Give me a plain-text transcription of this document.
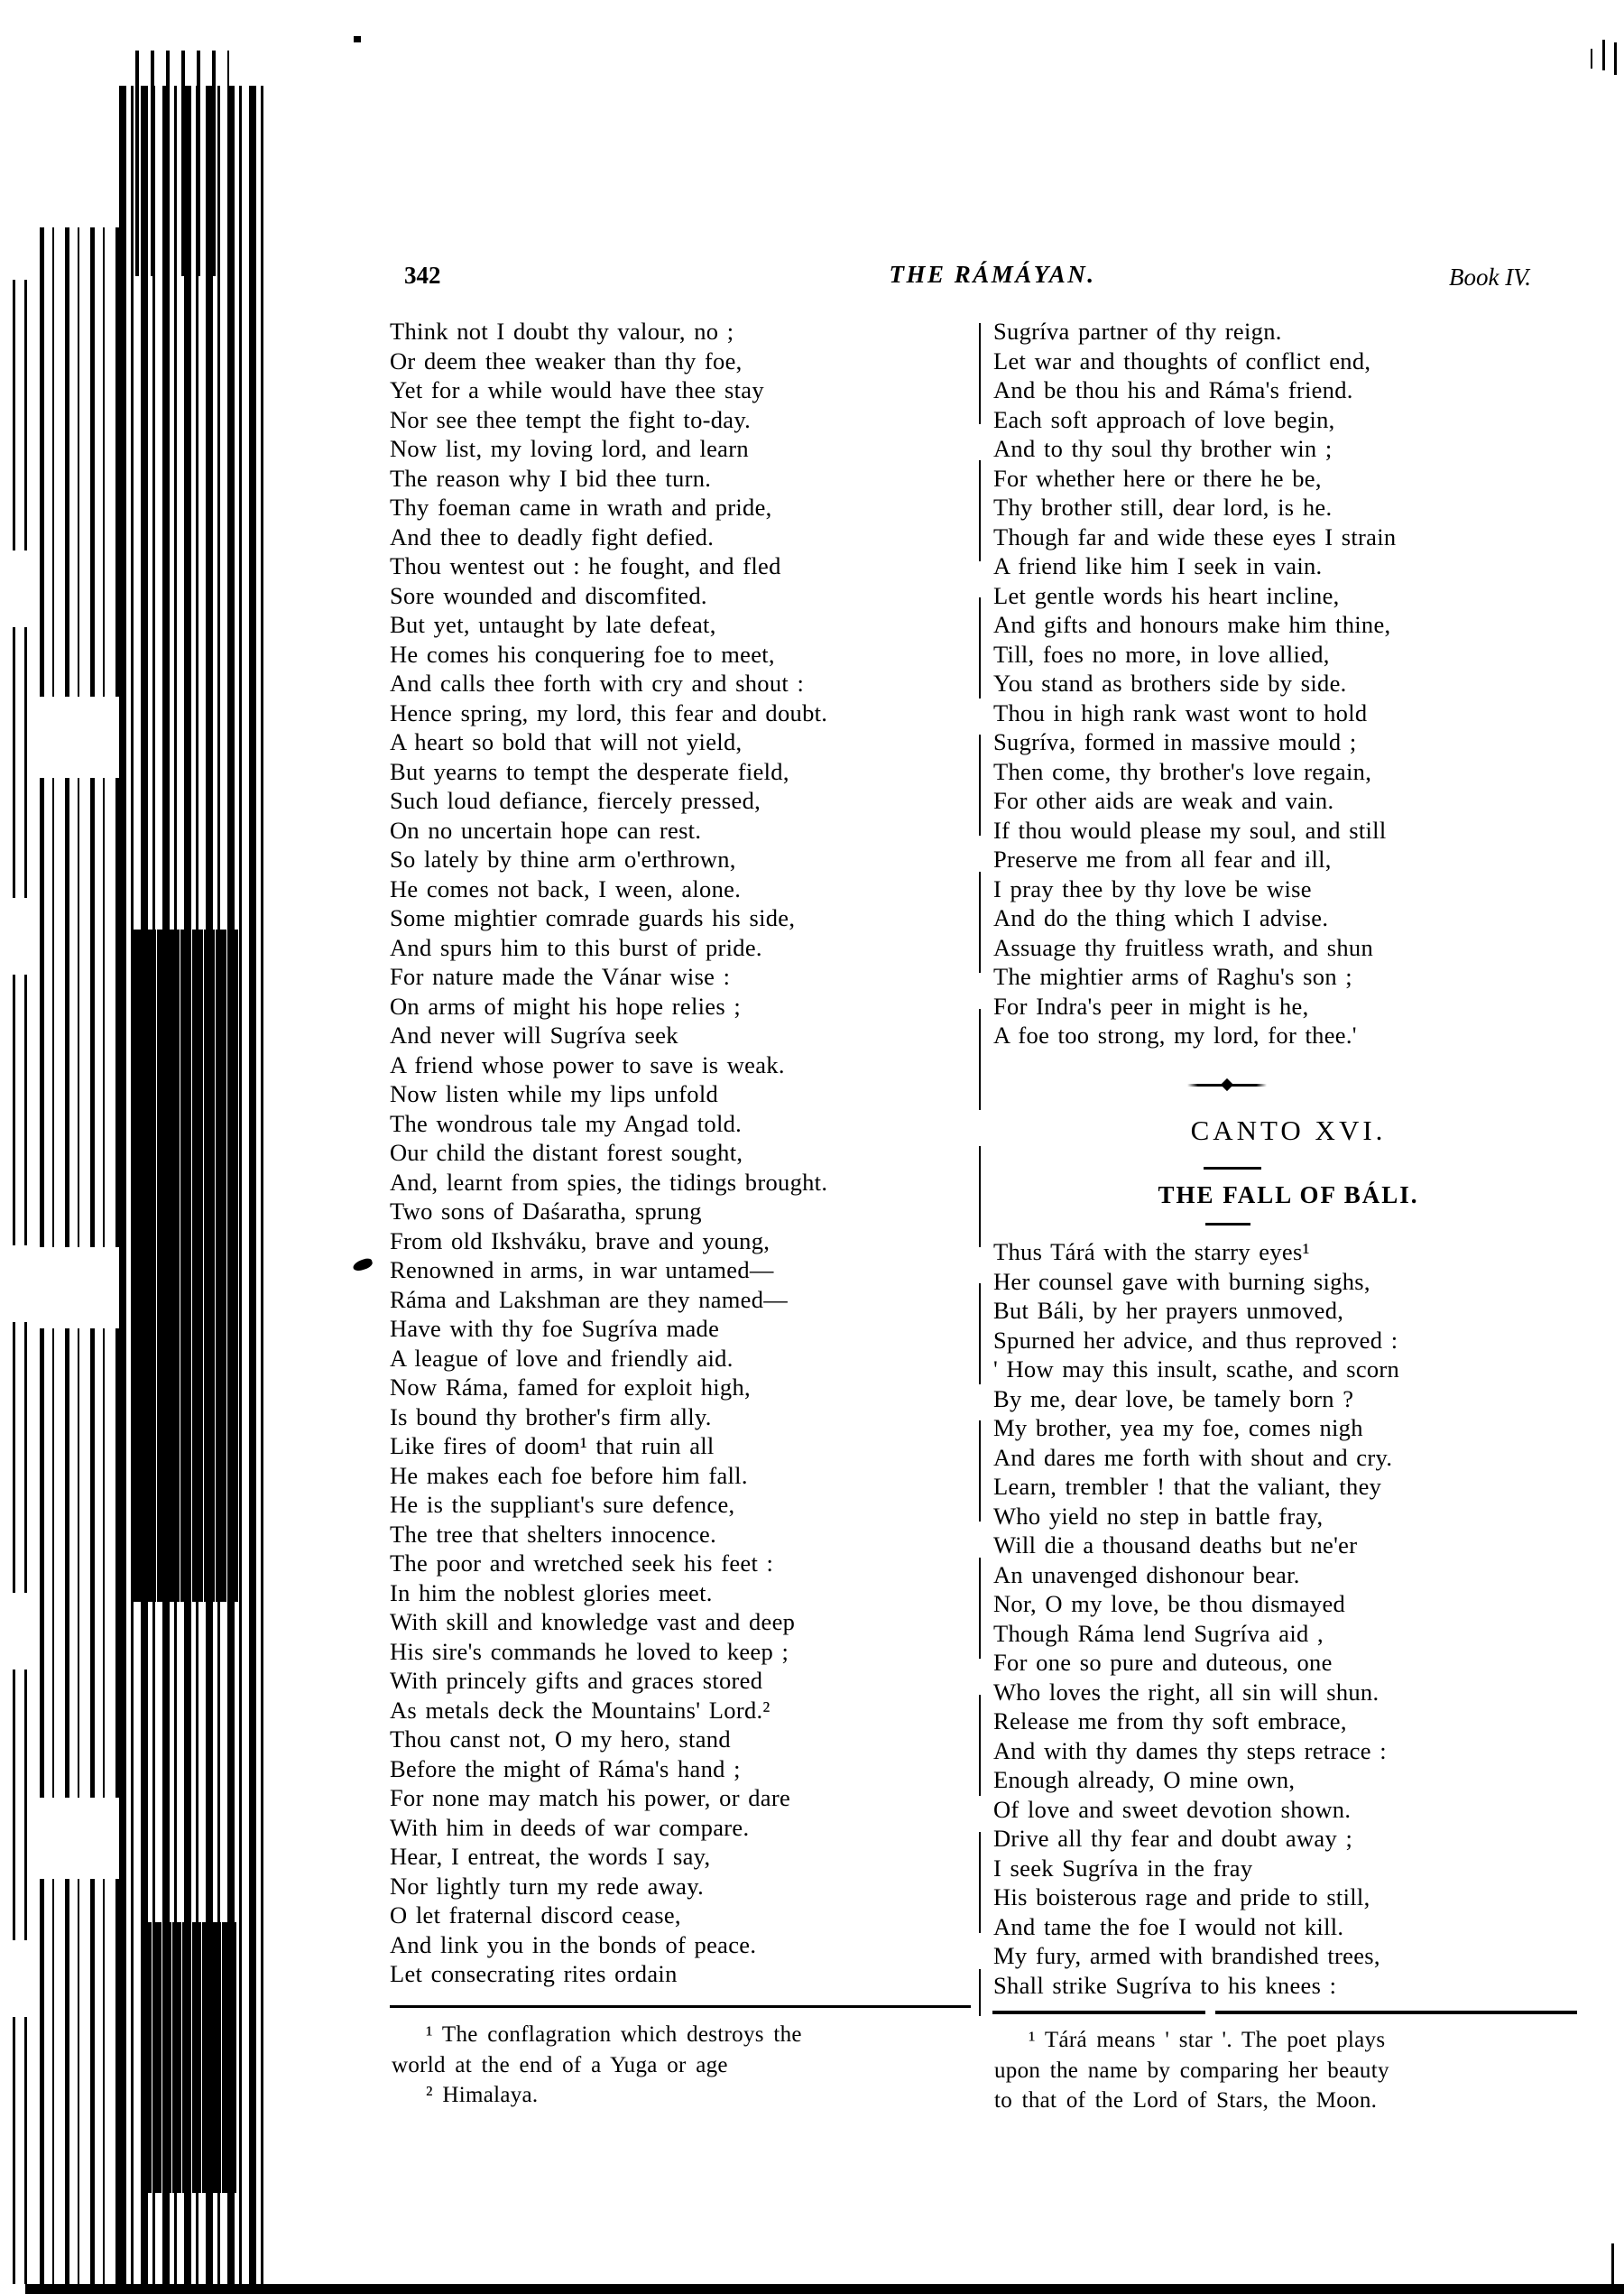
342	THE RÁMÁYAN.	Book IV.
Think not I doubt thy valour, no ;
Or deem thee weaker than thy foe,
Yet for a while would have thee stay
Nor see thee tempt the fight to-day.
Now list, my loving lord, and learn
The reason why I bid thee turn.
Thy foeman came in wrath and pride,
And thee to deadly fight defied.
Thou wentest out : he fought, and fled
Sore wounded and discomfited.
But yet, untaught by late defeat,
He comes his conquering foe to meet,
And calls thee forth with cry and shout :
Hence spring, my lord, this fear and doubt.
A heart so bold that will not yield,
But yearns to tempt the desperate field,
Such loud defiance, fiercely pressed,
On no uncertain hope can rest.
So lately by thine arm o'erthrown,
He comes not back, I ween, alone.
Some mightier comrade guards his side,
And spurs him to this burst of pride.
For nature made the Vánar wise :
On arms of might his hope relies ;
And never will Sugríva seek
A friend whose power to save is weak.
Now listen while my lips unfold
The wondrous tale my Angad told.
Our child the distant forest sought,
And, learnt from spies, the tidings brought.
Two sons of Daśaratha, sprung
From old Ikshváku, brave and young,
Renowned in arms, in war untamed—
Ráma and Lakshman are they named—
Have with thy foe Sugríva made
A league of love and friendly aid.
Now Ráma, famed for exploit high,
Is bound thy brother's firm ally.
Like fires of doom¹ that ruin all
He makes each foe before him fall.
He is the suppliant's sure defence,
The tree that shelters innocence.
The poor and wretched seek his feet :
In him the noblest glories meet.
With skill and knowledge vast and deep
His sire's commands he loved to keep ;
With princely gifts and graces stored
As metals deck the Mountains' Lord.²
Thou canst not, O my hero, stand
Before the might of Ráma's hand ;
For none may match his power, or dare
With him in deeds of war compare.
Hear, I entreat, the words I say,
Nor lightly turn my rede away.
O let fraternal discord cease,
And link you in the bonds of peace.
Let consecrating rites ordain
¹ The conflagration which destroys the
world at the end of a Yuga or age
² Himalaya.
Sugríva partner of thy reign.
Let war and thoughts of conflict end,
And be thou his and Ráma's friend.
Each soft approach of love begin,
And to thy soul thy brother win ;
For whether here or there he be,
Thy brother still, dear lord, is he.
Though far and wide these eyes I strain
A friend like him I seek in vain.
Let gentle words his heart incline,
And gifts and honours make him thine,
Till, foes no more, in love allied,
You stand as brothers side by side.
Thou in high rank wast wont to hold
Sugríva, formed in massive mould ;
Then come, thy brother's love regain,
For other aids are weak and vain.
If thou would please my soul, and still
Preserve me from all fear and ill,
I pray thee by thy love be wise
And do the thing which I advise.
Assuage thy fruitless wrath, and shun
The mightier arms of Raghu's son ;
For Indra's peer in might is he,
A foe too strong, my lord, for thee.'
CANTO XVI.
THE FALL OF BÁLI.
Thus Tárá with the starry eyes¹
Her counsel gave with burning sighs,
But Báli, by her prayers unmoved,
Spurned her advice, and thus reproved :
' How may this insult, scathe, and scorn
By me, dear love, be tamely born ?
My brother, yea my foe, comes nigh
And dares me forth with shout and cry.
Learn, trembler ! that the valiant, they
Who yield no step in battle fray,
Will die a thousand deaths but ne'er
An unavenged dishonour bear.
Nor, O my love, be thou dismayed
Though Ráma lend Sugríva aid ,
For one so pure and duteous, one
Who loves the right, all sin will shun.
Release me from thy soft embrace,
And with thy dames thy steps retrace :
Enough already, O mine own,
Of love and sweet devotion shown.
Drive all thy fear and doubt away ;
I seek Sugríva in the fray
His boisterous rage and pride to still,
And tame the foe I would not kill.
My fury, armed with brandished trees,
Shall strike Sugríva to his knees :
¹ Tárá means ' star '. The poet plays
upon the name by comparing her beauty
to that of the Lord of Stars, the Moon.
